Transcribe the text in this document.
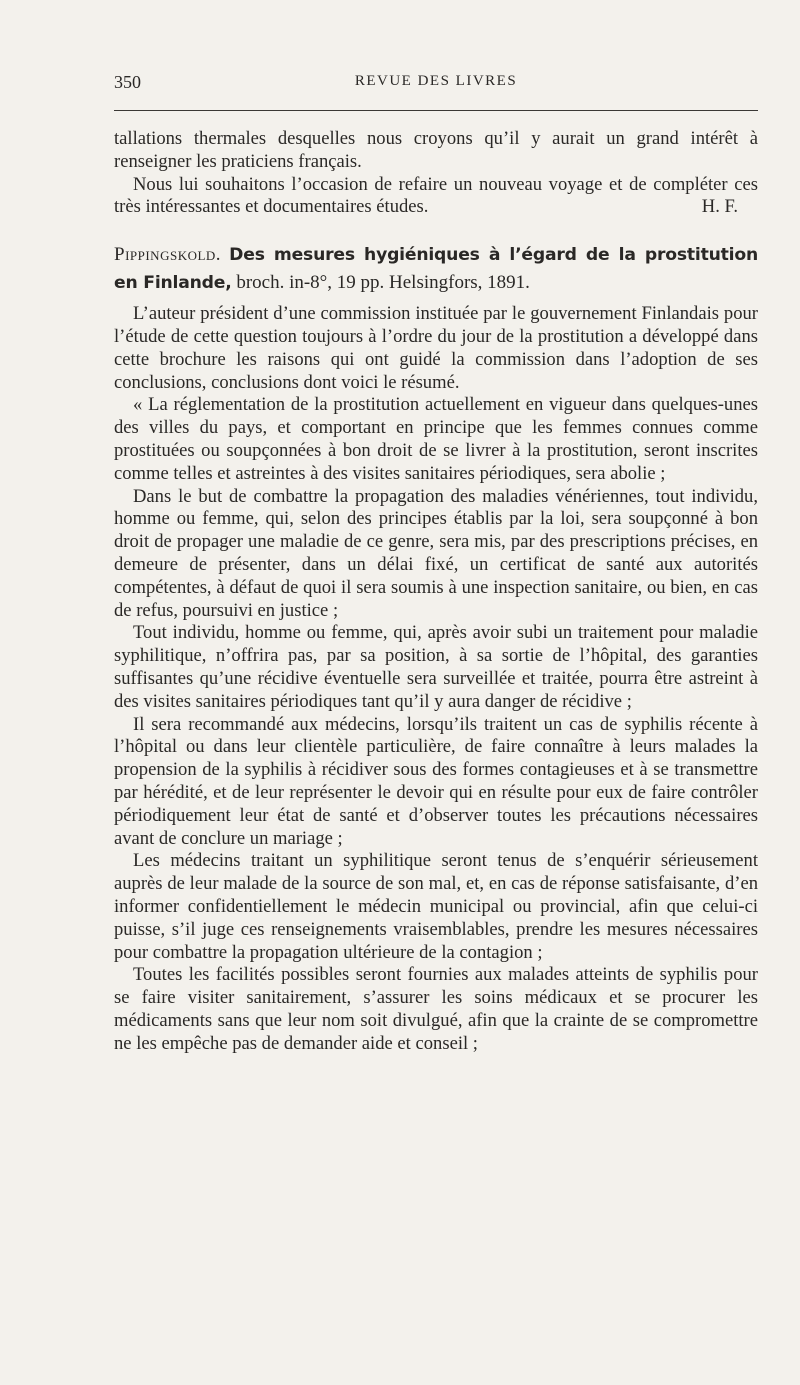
350	REVUE DES LIVRES

tallations thermales desquelles nous croyons qu’il y aurait un grand intérêt à renseigner les praticiens français.

Nous lui souhaitons l’occasion de refaire un nouveau voyage et de compléter ces très intéressantes et documentaires études.	H. F.

Pippingskold. Des mesures hygiéniques à l’égard de la prostitution en Finlande, broch. in-8°, 19 pp. Helsingfors, 1891.

L’auteur président d’une commission instituée par le gouvernement Finlandais pour l’étude de cette question toujours à l’ordre du jour de la prostitution a développé dans cette brochure les raisons qui ont guidé la commission dans l’adoption de ses conclusions, conclusions dont voici le résumé.

« La réglementation de la prostitution actuellement en vigueur dans quelques-unes des villes du pays, et comportant en principe que les femmes connues comme prostituées ou soupçonnées à bon droit de se livrer à la prostitution, seront inscrites comme telles et astreintes à des visites sanitaires périodiques, sera abolie ;

Dans le but de combattre la propagation des maladies vénériennes, tout individu, homme ou femme, qui, selon des principes établis par la loi, sera soupçonné à bon droit de propager une maladie de ce genre, sera mis, par des prescriptions précises, en demeure de présenter, dans un délai fixé, un certificat de santé aux autorités compétentes, à défaut de quoi il sera soumis à une inspection sanitaire, ou bien, en cas de refus, poursuivi en justice ;

Tout individu, homme ou femme, qui, après avoir subi un traitement pour maladie syphilitique, n’offrira pas, par sa position, à sa sortie de l’hôpital, des garanties suffisantes qu’une récidive éventuelle sera surveillée et traitée, pourra être astreint à des visites sanitaires périodiques tant qu’il y aura danger de récidive ;

Il sera recommandé aux médecins, lorsqu’ils traitent un cas de syphilis récente à l’hôpital ou dans leur clientèle particulière, de faire connaître à leurs malades la propension de la syphilis à récidiver sous des formes contagieuses et à se transmettre par hérédité, et de leur représenter le devoir qui en résulte pour eux de faire contrôler périodiquement leur état de santé et d’observer toutes les précautions nécessaires avant de conclure un mariage ;

Les médecins traitant un syphilitique seront tenus de s’enquérir sérieusement auprès de leur malade de la source de son mal, et, en cas de réponse satisfaisante, d’en informer confidentiellement le médecin municipal ou provincial, afin que celui-ci puisse, s’il juge ces renseignements vraisemblables, prendre les mesures nécessaires pour combattre la propagation ultérieure de la contagion ;

Toutes les facilités possibles seront fournies aux malades atteints de syphilis pour se faire visiter sanitairement, s’assurer les soins médicaux et se procurer les médicaments sans que leur nom soit divulgué, afin que la crainte de se compromettre ne les empêche pas de demander aide et conseil ;
